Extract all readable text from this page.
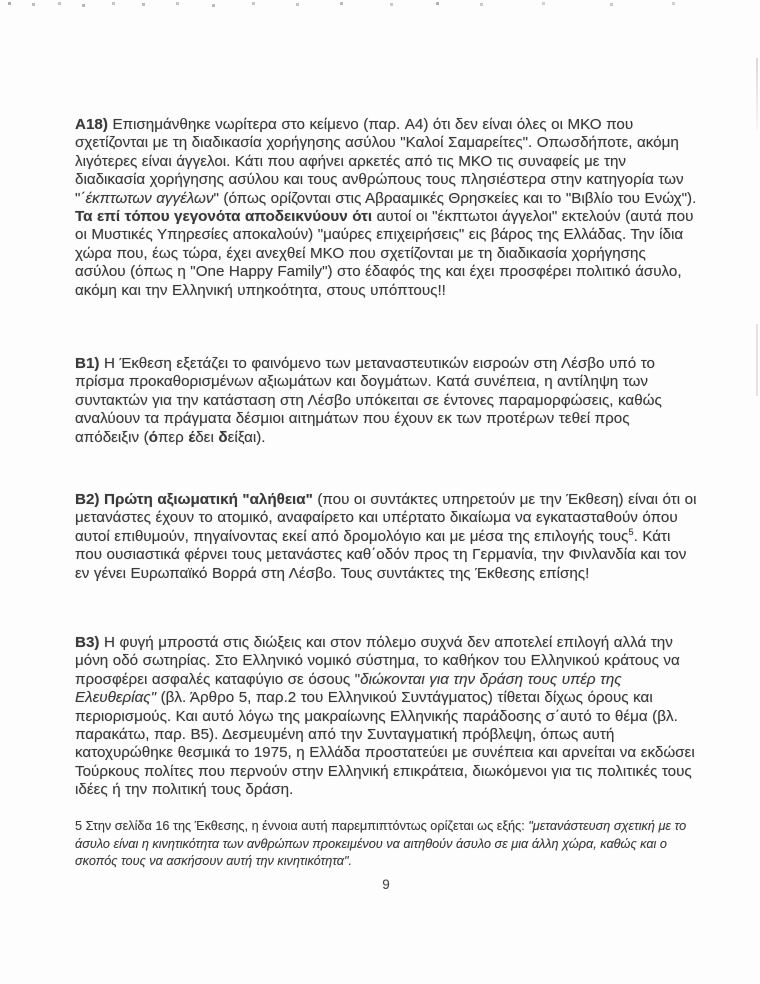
A18) Επισημάνθηκε νωρίτερα στο κείμενο (παρ. A4) ότι δεν είναι όλες οι ΜΚΟ που σχετίζονται με τη διαδικασία χορήγησης ασύλου "Καλοί Σαμαρείτες". Οπωσδήποτε, ακόμη λιγότερες είναι άγγελοι. Κάτι που αφήνει αρκετές από τις ΜΚΟ τις συναφείς με την διαδικασία χορήγησης ασύλου και τους ανθρώπους τους πλησιέστερα στην κατηγορία των "΄έκπτωτων αγγέλων" (όπως ορίζονται στις Αβρααμικές Θρησκείες και το "Βιβλίο του Ενώχ"). Τα επί τόπου γεγονότα αποδεικνύουν ότι αυτοί οι "έκπτωτοι άγγελοι" εκτελούν (αυτά που οι Μυστικές Υπηρεσίες αποκαλούν) "μαύρες επιχειρήσεις" εις βάρος της Ελλάδας. Την ίδια χώρα που, έως τώρα, έχει ανεχθεί ΜΚΟ που σχετίζονται με τη διαδικασία χορήγησης ασύλου (όπως η "One Happy Family") στο έδαφός της και έχει προσφέρει πολιτικό άσυλο, ακόμη και την Ελληνική υπηκοότητα, στους υπόπτους!!
B1) Η Έκθεση εξετάζει το φαινόμενο των μεταναστευτικών εισροών στη Λέσβο υπό το πρίσμα προκαθορισμένων αξιωμάτων και δογμάτων. Κατά συνέπεια, η αντίληψη των συντακτών για την κατάσταση στη Λέσβο υπόκειται σε έντονες παραμορφώσεις, καθώς αναλύουν τα πράγματα δέσμιοι αιτημάτων που έχουν εκ των προτέρων τεθεί προς απόδειξιν (όπερ έδει δείξαι).
B2) Πρώτη αξιωματική "αλήθεια" (που οι συντάκτες υπηρετούν με την Έκθεση) είναι ότι οι μετανάστες έχουν το ατομικό, αναφαίρετο και υπέρτατο δικαίωμα να εγκατασταθούν όπου αυτοί επιθυμούν, πηγαίνοντας εκεί από δρομολόγιο και με μέσα της επιλογής τους$^5$. Κάτι που ουσιαστικά φέρνει τους μετανάστες καθ΄οδόν προς τη Γερμανία, την Φινλανδία και τον εν γένει Ευρωπαϊκό Βορρά στη Λέσβο. Τους συντάκτες της Έκθεσης επίσης!
B3) Η φυγή μπροστά στις διώξεις και στον πόλεμο συχνά δεν αποτελεί επιλογή αλλά την μόνη οδό σωτηρίας. Στο Ελληνικό νομικό σύστημα, το καθήκον του Ελληνικού κράτους να προσφέρει ασφαλές καταφύγιο σε όσους "διώκονται για την δράση τους υπέρ της Ελευθερίας" (βλ. Άρθρο 5, παρ.2 του Ελληνικού Συντάγματος) τίθεται δίχως όρους και περιορισμούς. Και αυτό λόγω της μακραίωνης Ελληνικής παράδοσης σ΄αυτό το θέμα (βλ. παρακάτω, παρ. B5). Δεσμευμένη από την Συνταγματική πρόβλεψη, όπως αυτή κατοχυρώθηκε θεσμικά το 1975, η Ελλάδα προστατεύει με συνέπεια και αρνείται να εκδώσει Τούρκους πολίτες που περνούν στην Ελληνική επικράτεια, διωκόμενοι για τις πολιτικές τους ιδέες ή την πολιτική τους δράση.
5 Στην σελίδα 16 της Έκθεσης, η έννοια αυτή παρεμπιπτόντως ορίζεται ως εξής: "μετανάστευση σχετική με το άσυλο είναι η κινητικότητα των ανθρώπων προκειμένου να αιτηθούν άσυλο σε μια άλλη χώρα, καθώς και ο σκοπός τους να ασκήσουν αυτή την κινητικότητα".
9
